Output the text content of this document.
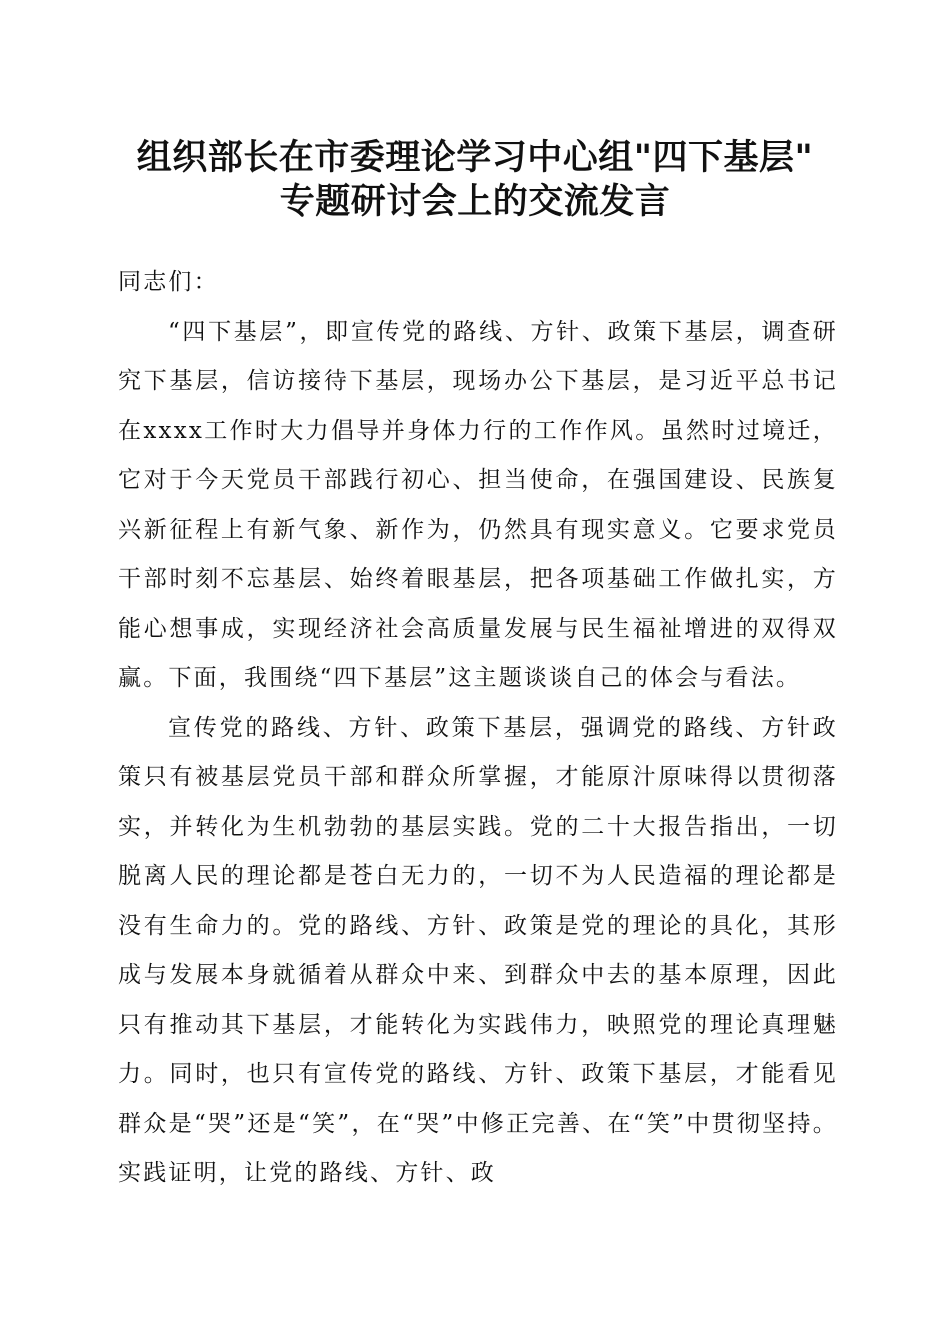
组织部长在市委理论学习中心组"四下基层"
专题研讨会上的交流发言

同志们：

“四下基层”，即宣传党的路线、方针、政策下基层，调查研究下基层，信访接待下基层，现场办公下基层，是习近平总书记在xxxx工作时大力倡导并身体力行的工作作风。虽然时过境迁，它对于今天党员干部践行初心、担当使命，在强国建设、民族复兴新征程上有新气象、新作为，仍然具有现实意义。它要求党员干部时刻不忘基层、始终着眼基层，把各项基础工作做扎实，方能心想事成，实现经济社会高质量发展与民生福祉增进的双得双赢。下面，我围绕“四下基层”这主题谈谈自己的体会与看法。

宣传党的路线、方针、政策下基层，强调党的路线、方针政策只有被基层党员干部和群众所掌握，才能原汁原味得以贯彻落实，并转化为生机勃勃的基层实践。党的二十大报告指出，一切脱离人民的理论都是苍白无力的，一切不为人民造福的理论都是没有生命力的。党的路线、方针、政策是党的理论的具化，其形成与发展本身就循着从群众中来、到群众中去的基本原理，因此只有推动其下基层，才能转化为实践伟力，映照党的理论真理魅力。同时，也只有宣传党的路线、方针、政策下基层，才能看见群众是“哭”还是“笑”，在“哭”中修正完善、在“笑”中贯彻坚持。实践证明，让党的路线、方针、政
